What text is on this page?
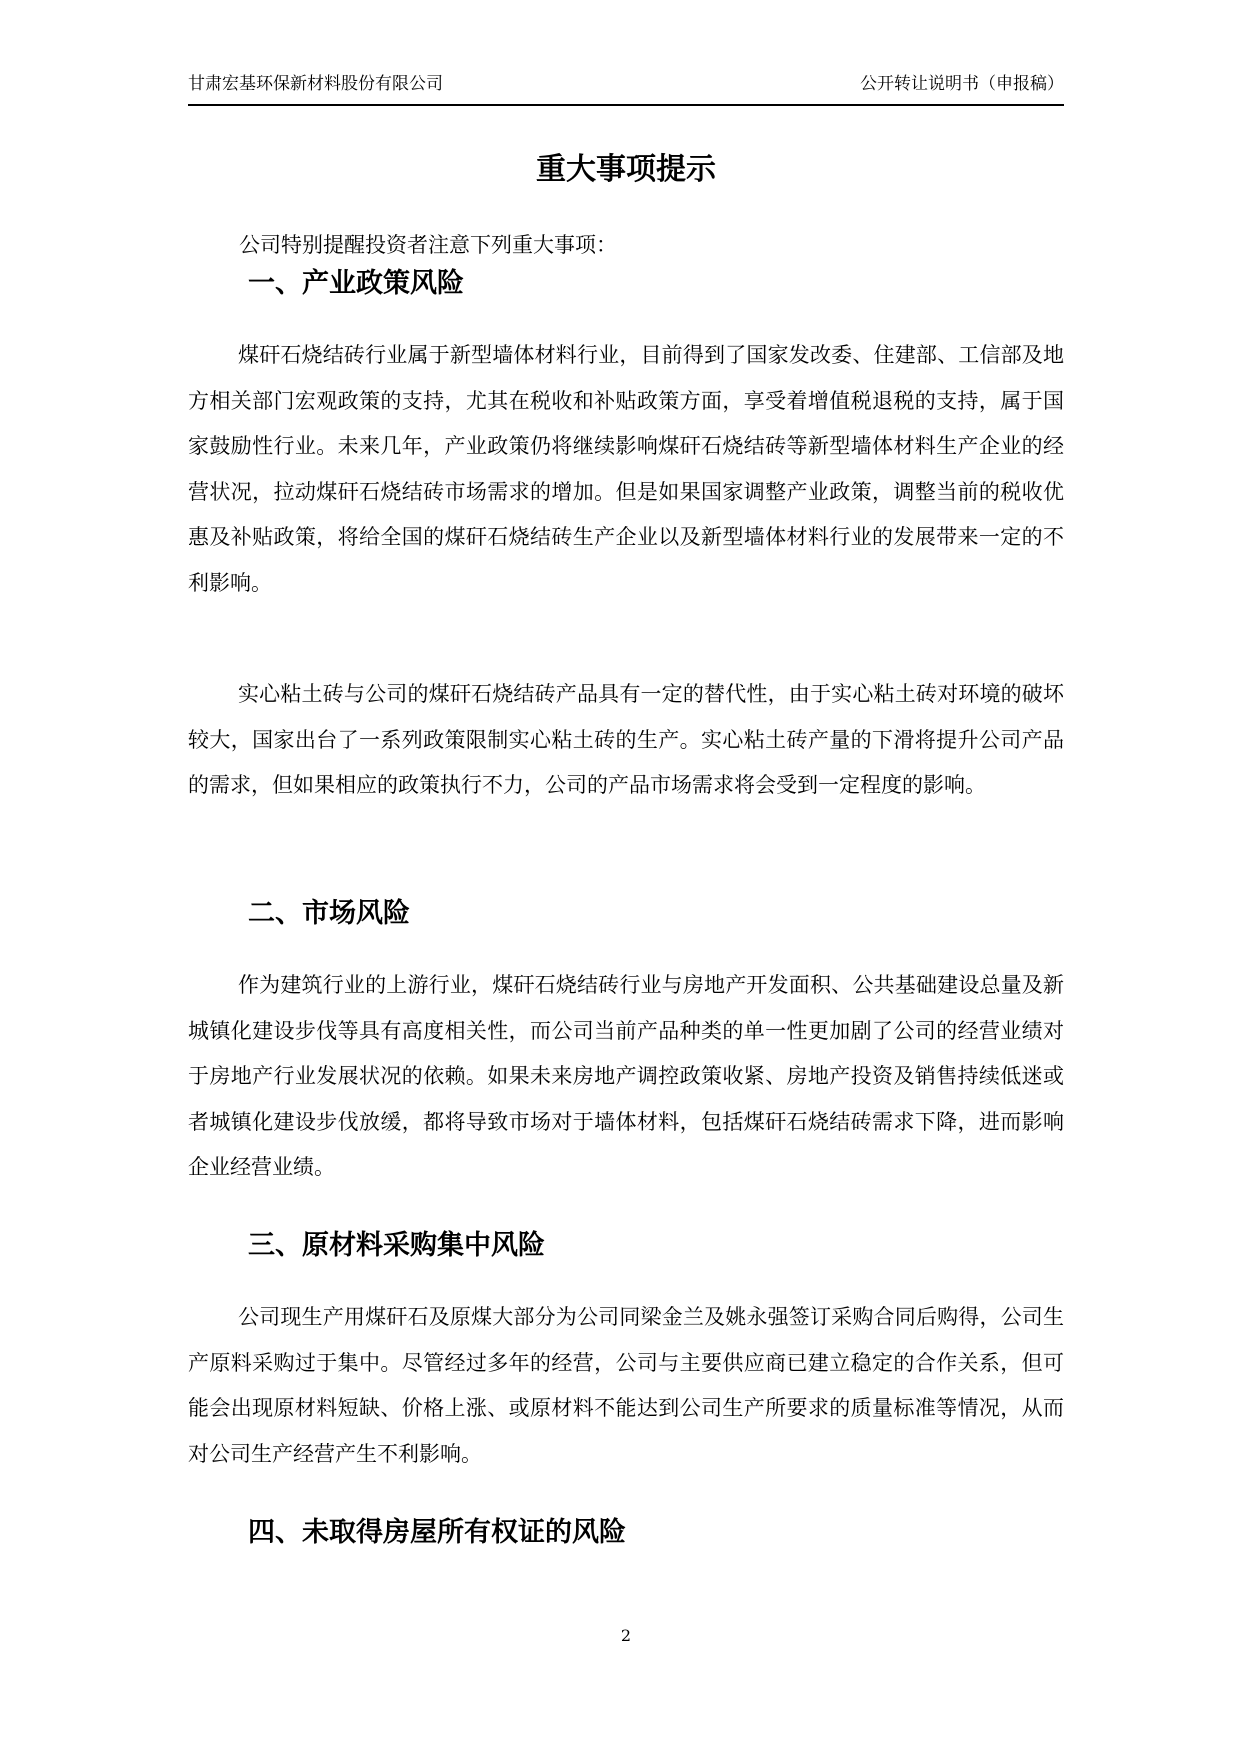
甘肃宏基环保新材料股份有限公司	公开转让说明书（申报稿）
重大事项提示

公司特别提醒投资者注意下列重大事项：

一、产业政策风险

煤矸石烧结砖行业属于新型墙体材料行业，目前得到了国家发改委、住建部、工信部及地方相关部门宏观政策的支持，尤其在税收和补贴政策方面，享受着增值税退税的支持，属于国家鼓励性行业。未来几年，产业政策仍将继续影响煤矸石烧结砖等新型墙体材料生产企业的经营状况，拉动煤矸石烧结砖市场需求的增加。但是如果国家调整产业政策，调整当前的税收优惠及补贴政策，将给全国的煤矸石烧结砖生产企业以及新型墙体材料行业的发展带来一定的不利影响。

实心粘土砖与公司的煤矸石烧结砖产品具有一定的替代性，由于实心粘土砖对环境的破坏较大，国家出台了一系列政策限制实心粘土砖的生产。实心粘土砖产量的下滑将提升公司产品的需求，但如果相应的政策执行不力，公司的产品市场需求将会受到一定程度的影响。

二、市场风险

作为建筑行业的上游行业，煤矸石烧结砖行业与房地产开发面积、公共基础建设总量及新城镇化建设步伐等具有高度相关性，而公司当前产品种类的单一性更加剧了公司的经营业绩对于房地产行业发展状况的依赖。如果未来房地产调控政策收紧、房地产投资及销售持续低迷或者城镇化建设步伐放缓，都将导致市场对于墙体材料，包括煤矸石烧结砖需求下降，进而影响企业经营业绩。

三、原材料采购集中风险

公司现生产用煤矸石及原煤大部分为公司同梁金兰及姚永强签订采购合同后购得，公司生产原料采购过于集中。尽管经过多年的经营，公司与主要供应商已建立稳定的合作关系，但可能会出现原材料短缺、价格上涨、或原材料不能达到公司生产所要求的质量标准等情况，从而对公司生产经营产生不利影响。

四、未取得房屋所有权证的风险
2
